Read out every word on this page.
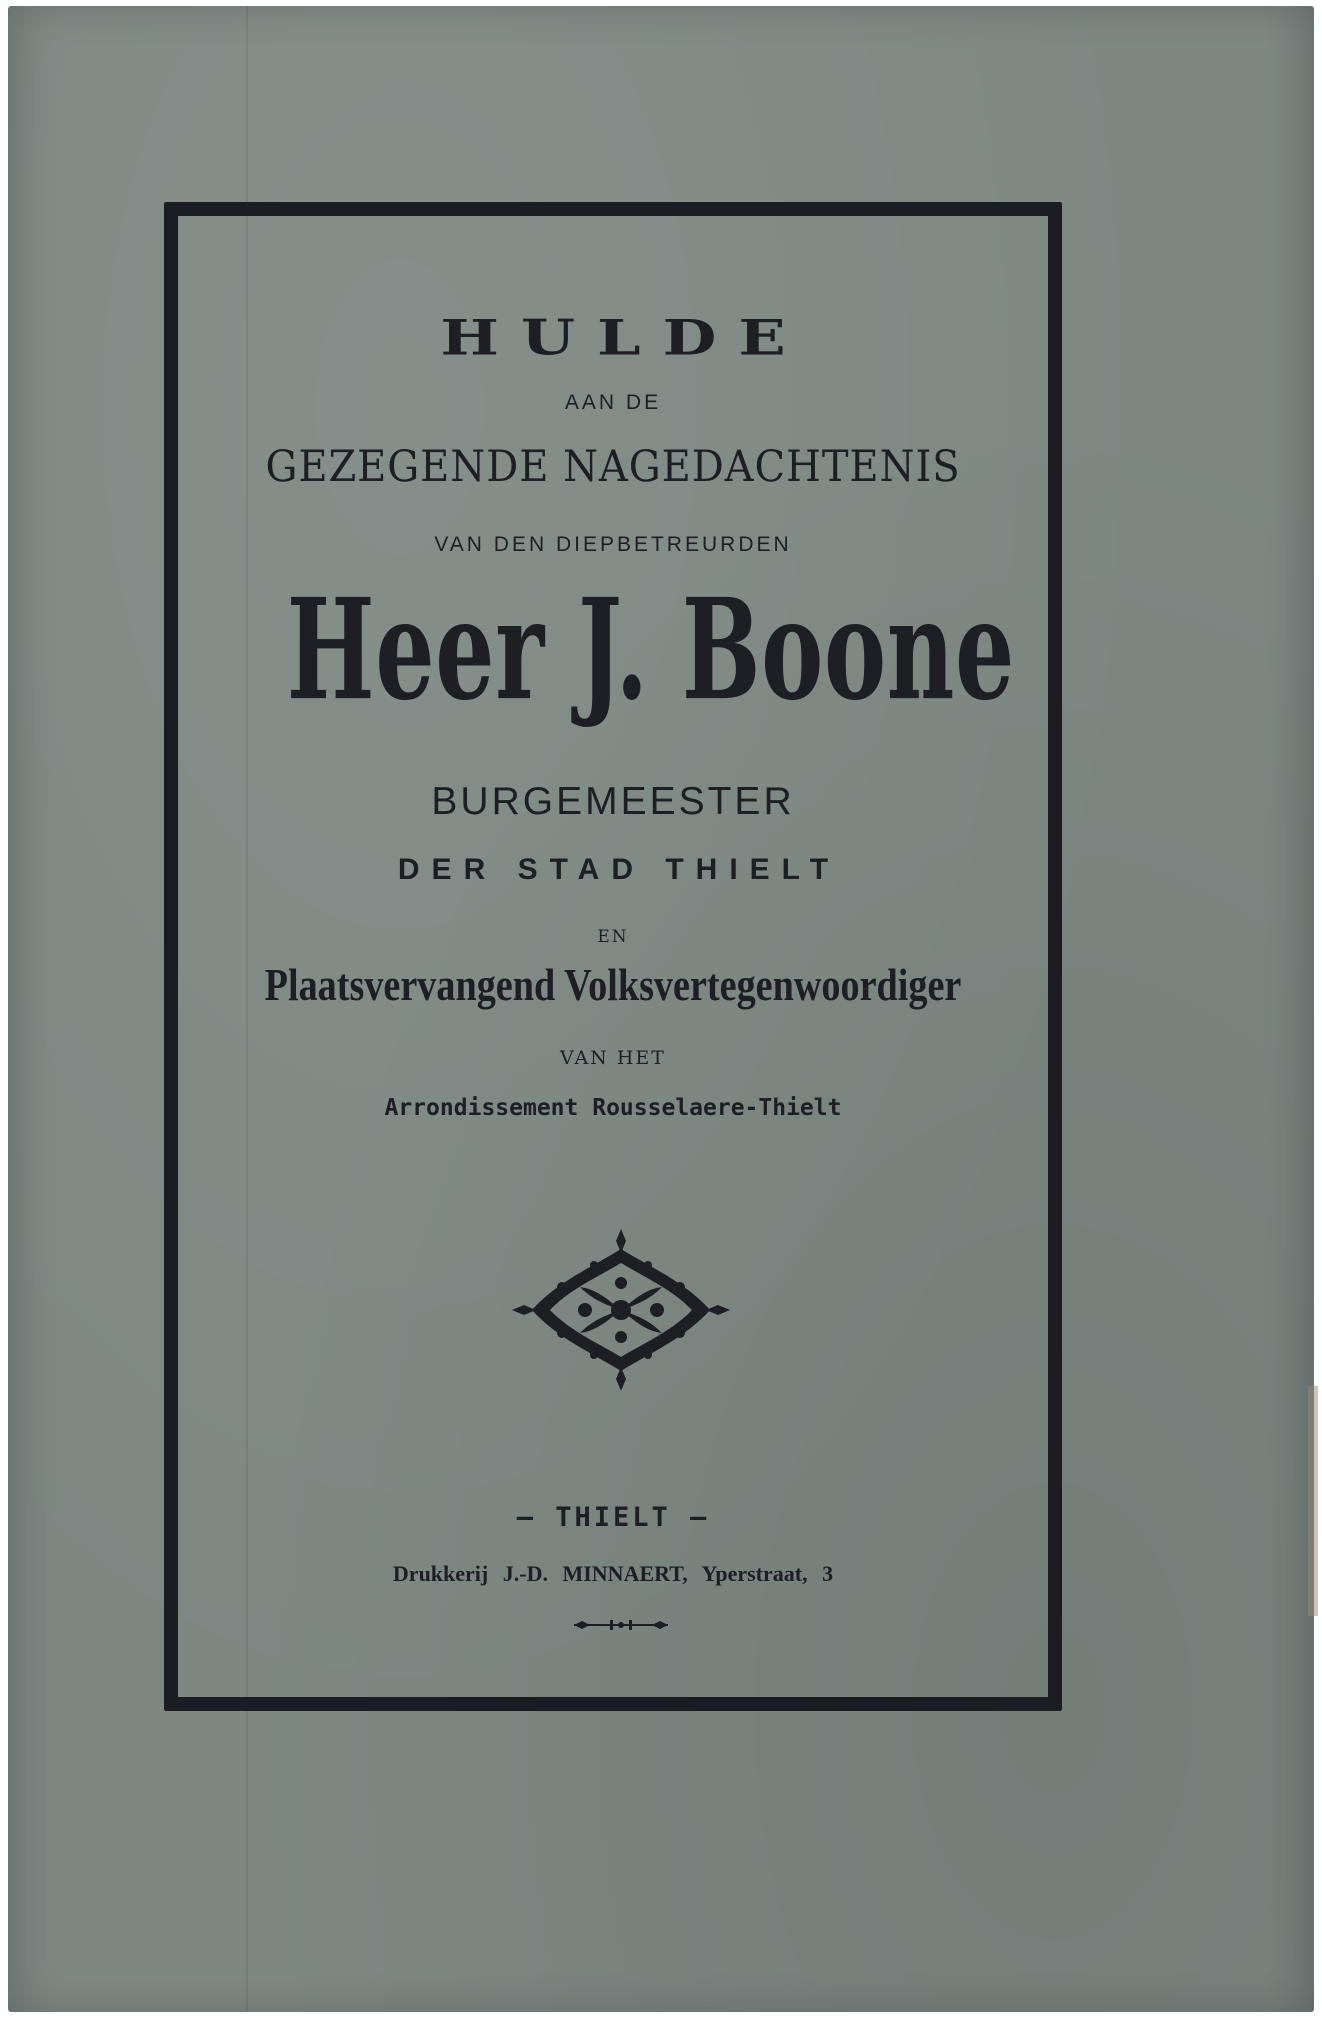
HULDE
AAN DE
GEZEGENDE NAGEDACHTENIS
VAN DEN DIEPBETREURDEN
Heer J. Boone
BURGEMEESTER
DER STAD THIELT
EN
Plaatsvervangend Volksvertegenwoordiger
VAN HET
Arrondissement Rousselaere-Thielt
— THIELT —
Drukkerij J.-D. MINNAERT, Yperstraat, 3
